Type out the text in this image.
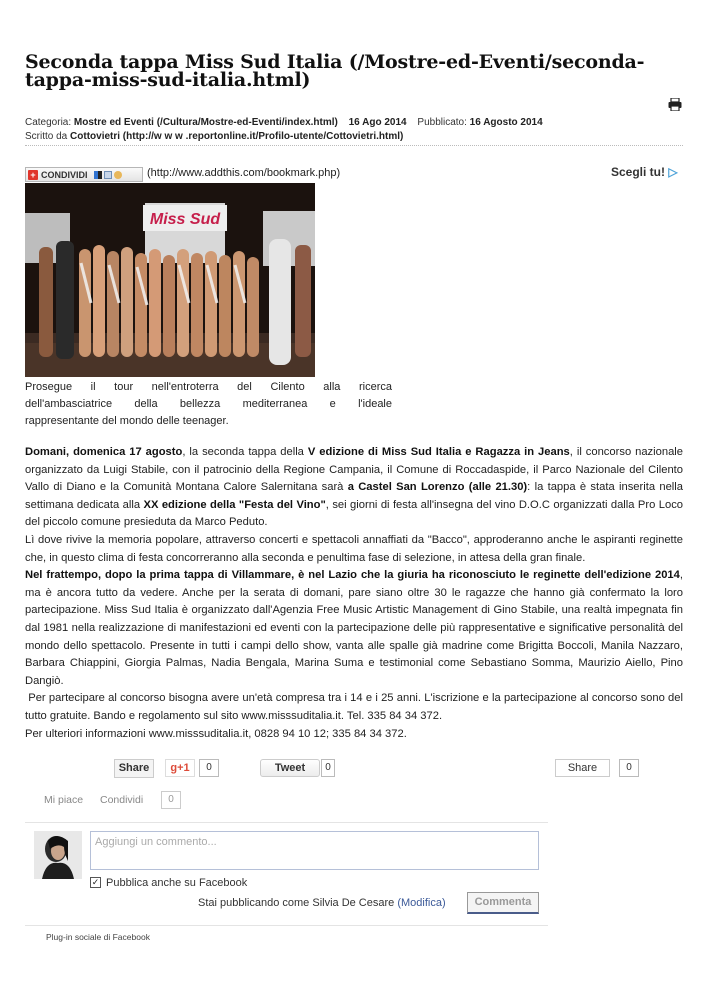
Seconda tappa Miss Sud Italia (/Mostre-ed-Eventi/seconda-tappa-miss-sud-italia.html)
Categoria: Mostre ed Eventi (/Cultura/Mostre-ed-Eventi/index.html) 16 Ago 2014 Pubblicato: 16 Agosto 2014
Scritto da Cottovietri (http://w w w .reportonline.it/Profilo-utente/Cottovietri.html)
+ CONDIVIDI	(http://www.addthis.com/bookmark.php)	Scegli tu! ▷
Miss Sud
Prosegue il tour nell'entroterra del Cilento alla ricerca
dell'ambasciatrice della bellezza mediterranea e l'ideale
rappresentante del mondo delle teenager.

Domani, domenica 17 agosto, la seconda tappa della V edizione di Miss Sud Italia e Ragazza in Jeans, il concorso nazionale organizzato da Luigi Stabile, con il patrocinio della Regione Campania, il Comune di Roccadaspide, il Parco Nazionale del Cilento Vallo di Diano e la Comunità Montana Calore Salernitana sarà a Castel San Lorenzo (alle 21.30): la tappa è stata inserita nella settimana dedicata alla XX edizione della "Festa del Vino", sei giorni di festa all'insegna del vino D.O.C organizzati dalla Pro Loco del piccolo comune presieduta da Marco Peduto.

Lì dove rivive la memoria popolare, attraverso concerti e spettacoli annaffiati da "Bacco", approderanno anche le aspiranti reginette che, in questo clima di festa concorreranno alla seconda e penultima fase di selezione, in attesa della gran finale.

Nel frattempo, dopo la prima tappa di Villammare, è nel Lazio che la giuria ha riconosciuto le reginette dell'edizione 2014, ma è ancora tutto da vedere. Anche per la serata di domani, pare siano oltre 30 le ragazze che hanno già confermato la loro partecipazione. Miss Sud Italia è organizzato dall'Agenzia Free Music Artistic Management di Gino Stabile, una realtà impegnata fin dal 1981 nella realizzazione di manifestazioni ed eventi con la partecipazione delle più rappresentative e significative personalità del mondo dello spettacolo. Presente in tutti i campi dello show, vanta alle spalle già madrine come Brigitta Boccoli, Manila Nazzaro, Barbara Chiappini, Giorgia Palmas, Nadia Bengala, Marina Suma e testimonial come Sebastiano Somma, Maurizio Aiello, Pino Dangiò.

Per partecipare al concorso bisogna avere un'età compresa tra i 14 e i 25 anni. L'iscrizione e la partecipazione al concorso sono del tutto gratuite. Bando e regolamento sul sito www.misssuditalia.it. Tel. 335 84 34 372.

Per ulteriori informazioni www.misssuditalia.it, 0828 94 10 12; 335 84 34 372.

Share	g+1	0	Tweet	0	Share	0
Mi piace Condividi	0
Aggiungi un commento...
✓ Pubblica anche su Facebook
Stai pubblicando come Silvia De Cesare (Modifica)	Commenta
Plug-in sociale di Facebook
